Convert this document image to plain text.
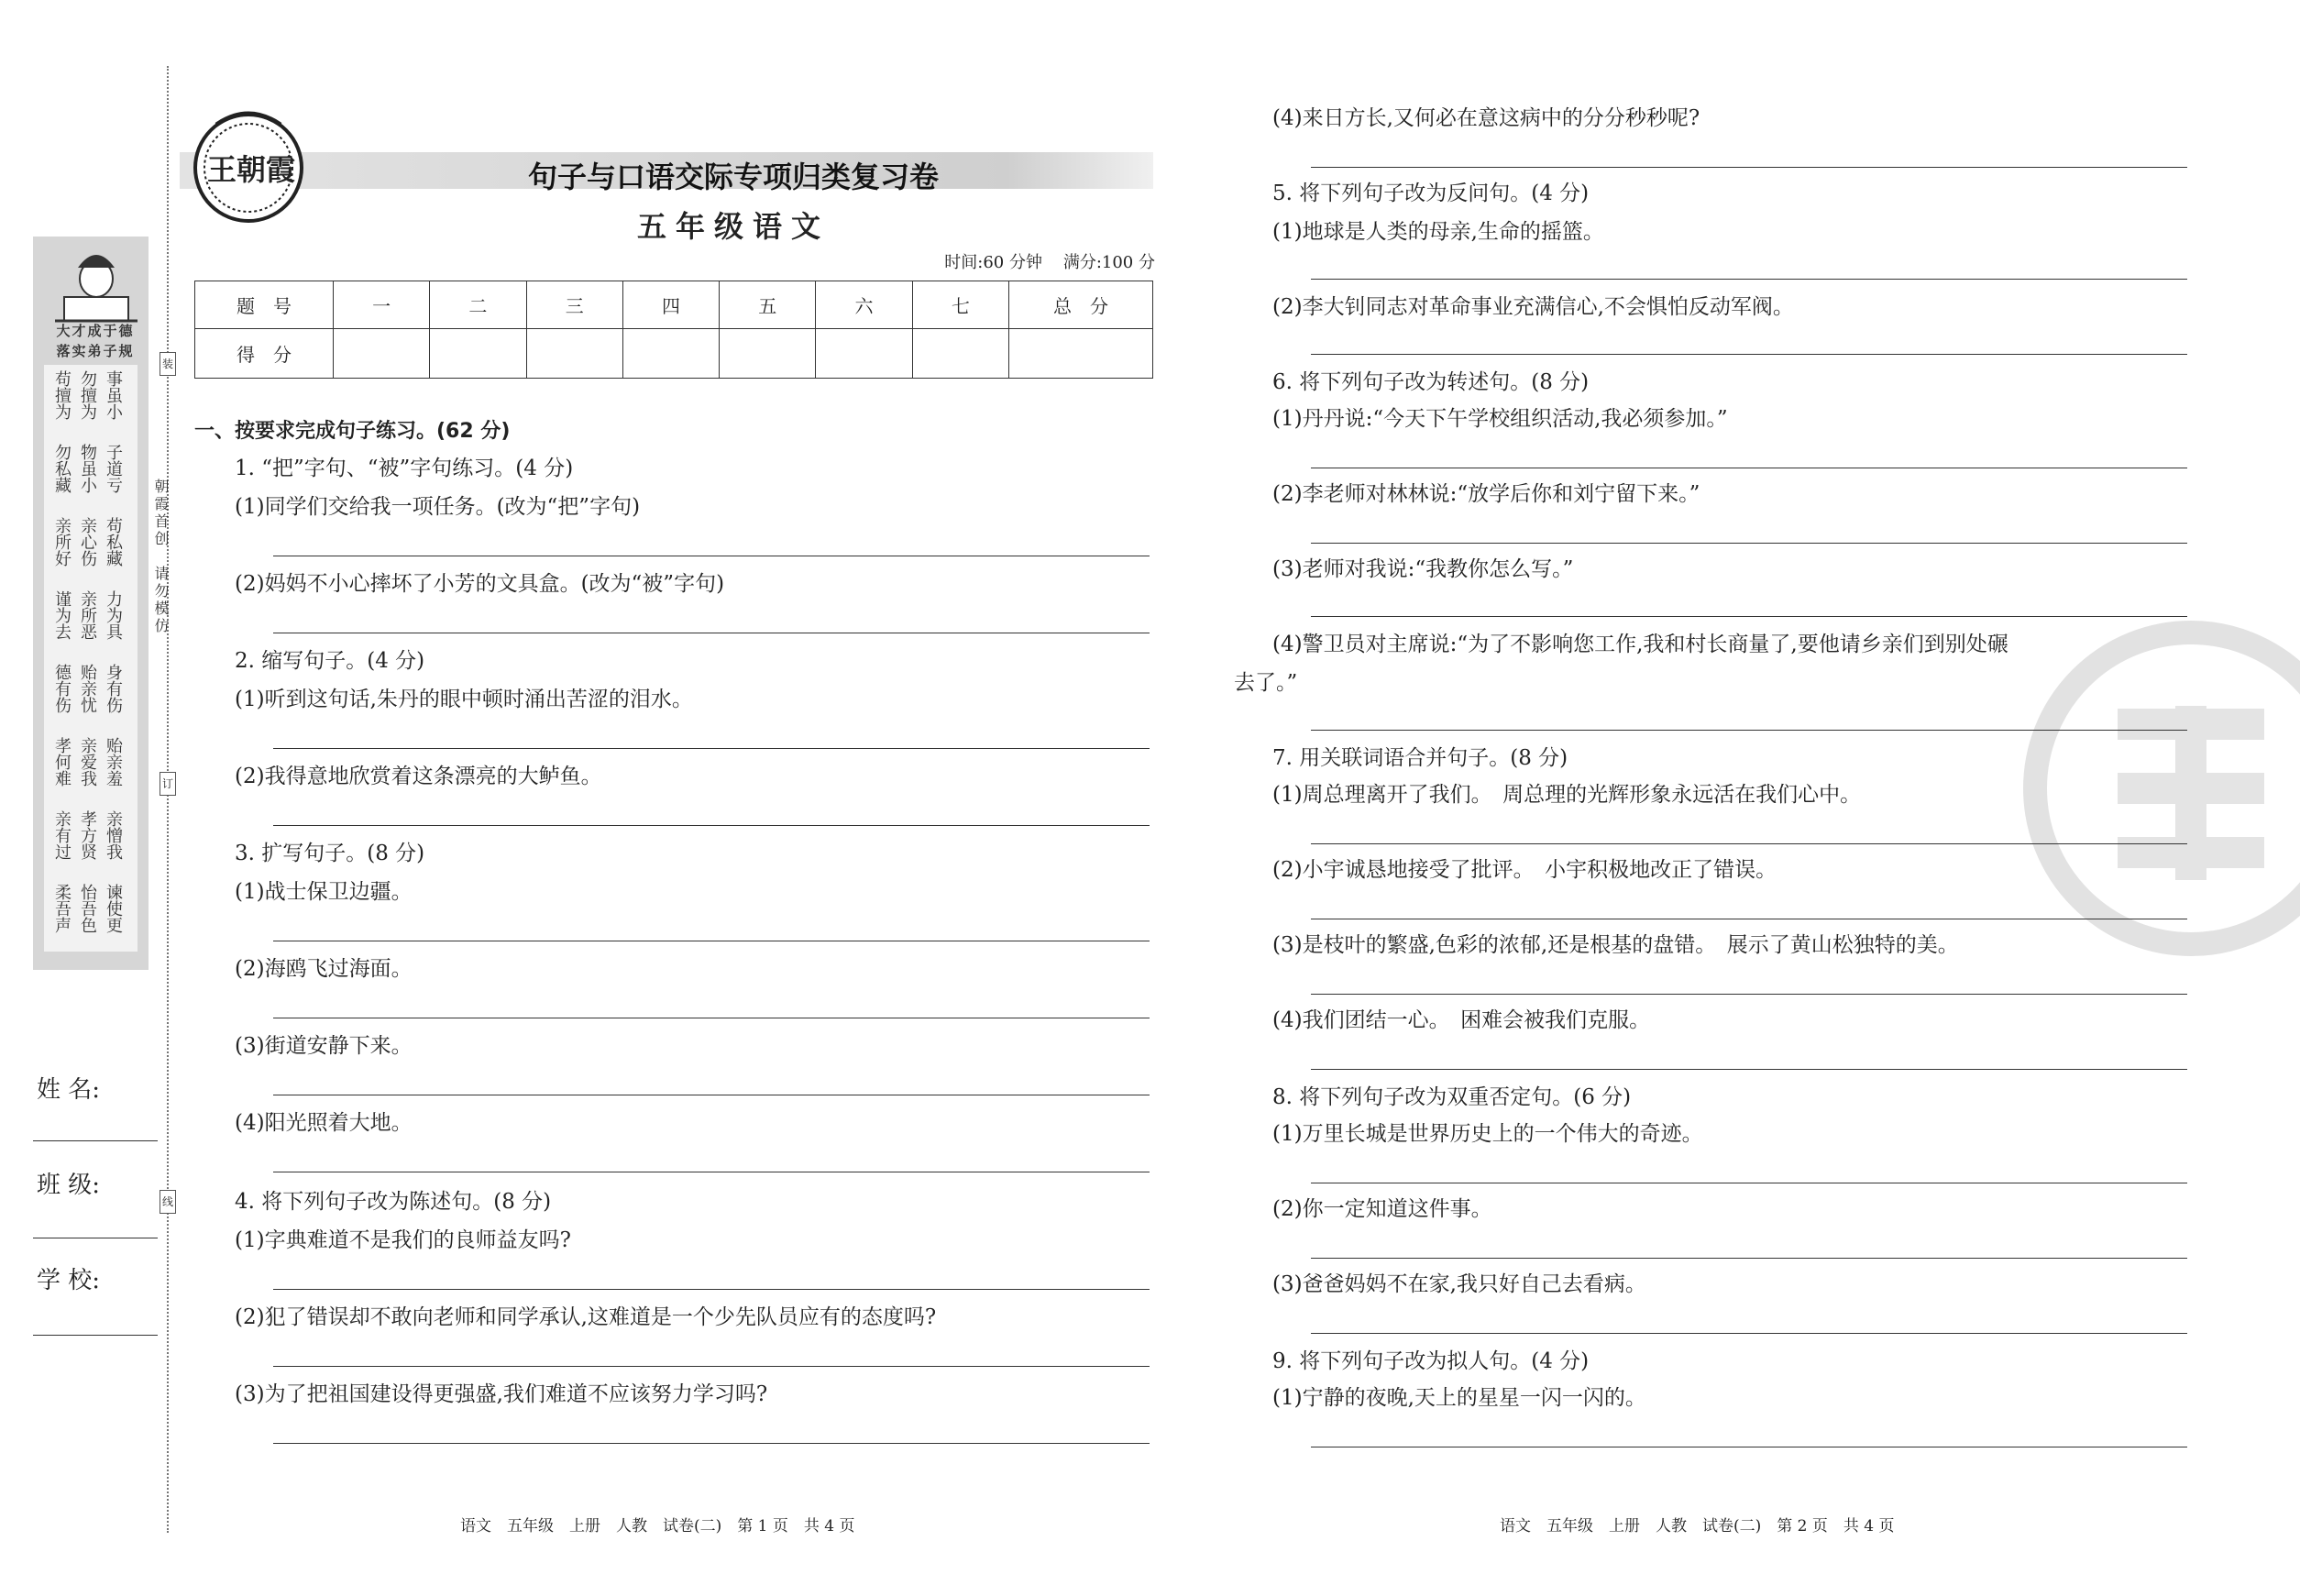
大才成于德
落实弟子规
事虽小
勿擅为
苟擅为
子道亏
物虽小
勿私藏
苟私藏
亲心伤
亲所好
力为具
亲所恶
谨为去
身有伤
贻亲忧
德有伤
贻亲羞
亲爱我
孝何难
亲憎我
孝方贤
亲有过
谏使更
怡吾色
柔吾声
朝霞首创　请勿模仿
装
订
线
姓 名:
班 级:
学 校:
王朝霞	句子与口语交际专项归类复习卷
五年级语文
时间:60 分钟 满分:100 分
题　号	一	二	三	四	五	六	七	总　分
得　分								
一、按要求完成句子练习。(62 分)
1. “把”字句、“被”字句练习。(4 分)
(1)同学们交给我一项任务。(改为“把”字句)
(2)妈妈不小心摔坏了小芳的文具盒。(改为“被”字句)
2. 缩写句子。(4 分)
(1)听到这句话,朱丹的眼中顿时涌出苦涩的泪水。
(2)我得意地欣赏着这条漂亮的大鲈鱼。
3. 扩写句子。(8 分)
(1)战士保卫边疆。
(2)海鸥飞过海面。
(3)街道安静下来。
(4)阳光照着大地。
4. 将下列句子改为陈述句。(8 分)
(1)字典难道不是我们的良师益友吗?
(2)犯了错误却不敢向老师和同学承认,这难道是一个少先队员应有的态度吗?
(3)为了把祖国建设得更强盛,我们难道不应该努力学习吗?
语文　五年级　上册　人教　试卷(二)　第 1 页　共 4 页
(4)来日方长,又何必在意这病中的分分秒秒呢?
5. 将下列句子改为反问句。(4 分)
(1)地球是人类的母亲,生命的摇篮。
(2)李大钊同志对革命事业充满信心,不会惧怕反动军阀。
6. 将下列句子改为转述句。(8 分)
(1)丹丹说:“今天下午学校组织活动,我必须参加。”
(2)李老师对林林说:“放学后你和刘宁留下来。”
(3)老师对我说:“我教你怎么写。”
(4)警卫员对主席说:“为了不影响您工作,我和村长商量了,要他请乡亲们到别处碾
去了。”
7. 用关联词语合并句子。(8 分)
(1)周总理离开了我们。　周总理的光辉形象永远活在我们心中。
(2)小宇诚恳地接受了批评。　小宇积极地改正了错误。
(3)是枝叶的繁盛,色彩的浓郁,还是根基的盘错。　展示了黄山松独特的美。
(4)我们团结一心。　困难会被我们克服。
8. 将下列句子改为双重否定句。(6 分)
(1)万里长城是世界历史上的一个伟大的奇迹。
(2)你一定知道这件事。
(3)爸爸妈妈不在家,我只好自己去看病。
9. 将下列句子改为拟人句。(4 分)
(1)宁静的夜晚,天上的星星一闪一闪的。
语文　五年级　上册　人教　试卷(二)　第 2 页　共 4 页
